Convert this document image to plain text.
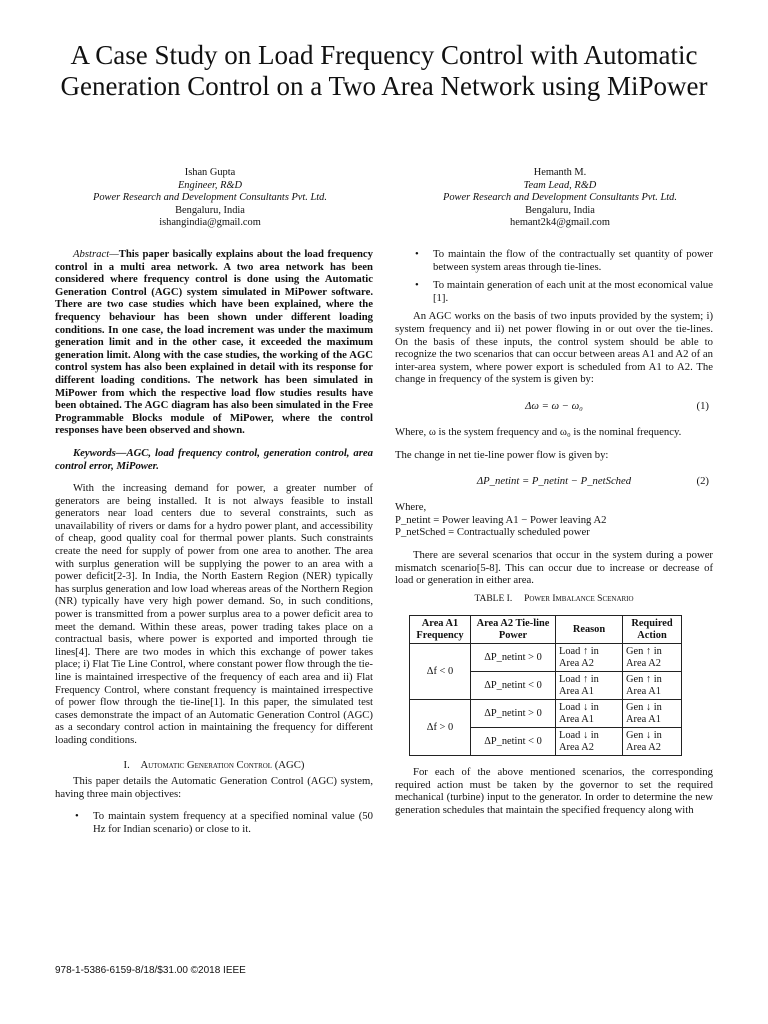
A Case Study on Load Frequency Control with Automatic Generation Control on a Two Area Network using MiPower
Ishan Gupta
Engineer, R&D
Power Research and Development Consultants Pvt. Ltd.
Bengaluru, India
ishangindia@gmail.com
Hemanth M.
Team Lead, R&D
Power Research and Development Consultants Pvt. Ltd.
Bengaluru, India
hemant2k4@gmail.com

Abstract—This paper basically explains about the load frequency control in a multi area network. A two area network has been considered where frequency control is done using the Automatic Generation Control (AGC) system simulated in MiPower software. There are two case studies which have been explained, where the frequency behaviour has been shown under different loading conditions. In one case, the load increment was under the maximum generation limit and in the other case, it exceeded the maximum generation limit. Along with the case studies, the working of the AGC control system has also been explained in detail with its response for different loading conditions. The network has been simulated in MiPower from which the respective load flow studies results have been obtained. The AGC diagram has also been simulated in the Free Programmable Blocks module of MiPower, where the control responses have been observed and shown.

Keywords—AGC, load frequency control, generation control, area control error, MiPower.

With the increasing demand for power, a greater number of generators are being installed. It is not always feasible to install generators near load centers due to several constraints, such as unavailability of rivers or dams for a hydro power plant, and accessibility of cheap, good quality coal for thermal power plants. Such constraints create the need for supply of power from one area to another. The area with surplus generation will be supplying the power to an area with a power deficit[2-3]. In India, the North Eastern Region (NER) typically has surplus generation and low load whereas areas of the Northern Region (NR) typically have very high power demand. So, in such conditions, power is transmitted from a power surplus area to a power deficit area to meet the demand. Within these areas, power trading takes place on a contractual basis, where power is exported and imported through tie lines[4]. There are two modes in which this exchange of power takes place; i) Flat Tie Line Control, where constant power flow through the tie-line is maintained irrespective of the frequency of each area and ii) Flat Frequency Control, where constant frequency is maintained irrespective of power flow through the tie-line[1]. In this paper, the simulated test cases demonstrate the impact of an Automatic Generation Control (AGC) as a secondary control action in maintaining the frequency for different loading conditions.

I. Automatic Generation Control (AGC)

This paper details the Automatic Generation Control (AGC) system, having three main objectives:

• To maintain system frequency at a specified nominal value (50 Hz for Indian scenario) or close to it.
• To maintain the flow of the contractually set quantity of power between system areas through tie-lines.
• To maintain generation of each unit at the most economical value [1].

An AGC works on the basis of two inputs provided by the system; i) system frequency and ii) net power flowing in or out over the tie-lines. On the basis of these inputs, the control system should be able to recognize the two scenarios that can occur between areas A1 and A2 of an inter-area system, where power export is scheduled from A1 to A2. The change in frequency of the system is given by:

Δω = ω − ω₀	(1)

Where, ω is the system frequency and ω₀ is the nominal frequency.

The change in net tie-line power flow is given by:

ΔP_netint = P_netint − P_netSched	(2)

Where,

P_netint = Power leaving A1 − Power leaving A2

P_netSched = Contractually scheduled power

There are several scenarios that occur in the system during a power mismatch scenario[5-8]. This can occur due to increase or decrease of load or generation in either area.

TABLE I. Power Imbalance Scenario
Area A1 Frequency	Area A2 Tie-line Power	Reason	Required Action
Δf < 0	ΔP_netint > 0	Load ↑ in Area A2	Gen ↑ in Area A2
	ΔP_netint < 0	Load ↑ in Area A1	Gen ↑ in Area A1
Δf > 0	ΔP_netint > 0	Load ↓ in Area A1	Gen ↓ in Area A1
	ΔP_netint < 0	Load ↓ in Area A2	Gen ↓ in Area A2

For each of the above mentioned scenarios, the corresponding required action must be taken by the governor to set the required mechanical (turbine) input to the generator. In order to determine the new generation schedules that maintain the specified frequency along with

978-1-5386-6159-8/18/$31.00 ©2018 IEEE
